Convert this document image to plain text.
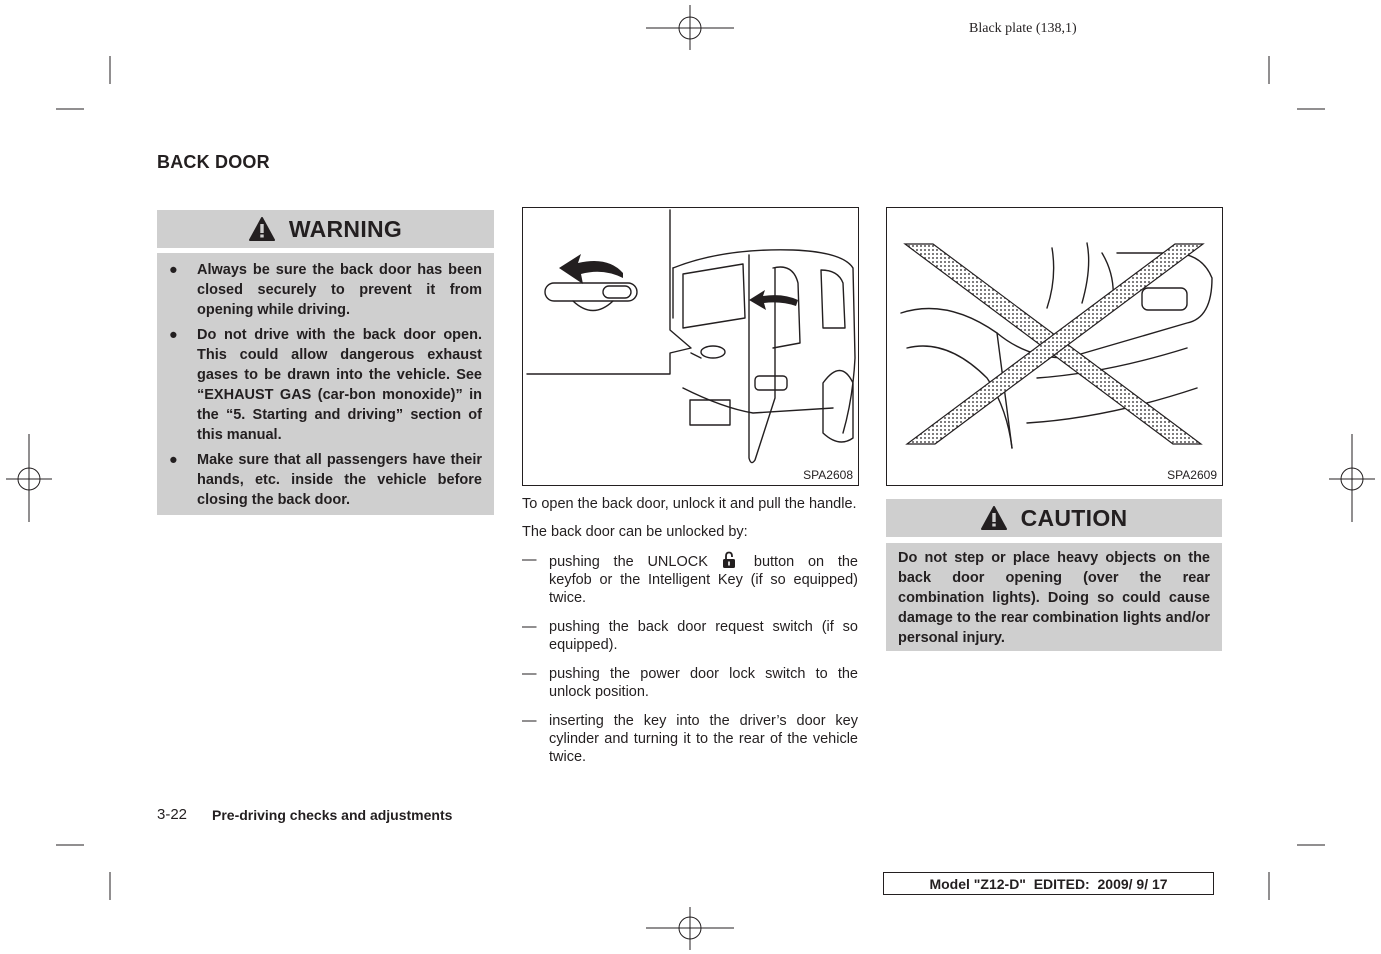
Black plate (138,1)
BACK DOOR
WARNING
● Always be sure the back door has been closed securely to prevent it from opening while driving.
● Do not drive with the back door open. This could allow dangerous exhaust gases to be drawn into the vehicle. See “EXHAUST GAS (car-bon monoxide)” in the “5. Starting and driving” section of this manual.
● Make sure that all passengers have their hands, etc. inside the vehicle before closing the back door.
SPA2608	SPA2609

To open the back door, unlock it and pull the handle.

The back door can be unlocked by:

— pushing the UNLOCK	button on the keyfob or the Intelligent Key (if so equipped) twice.
— pushing the back door request switch (if so equipped).
— pushing the power door lock switch to the unlock position.
— inserting the key into the driver’s door key cylinder and turning it to the rear of the vehicle twice.
CAUTION
Do not step or place heavy objects on the back door opening (over the rear combination lights). Doing so could cause damage to the rear combination lights and/or personal injury.
3-22 Pre-driving checks and adjustments
Model "Z12-D"  EDITED:  2009/ 9/ 17
